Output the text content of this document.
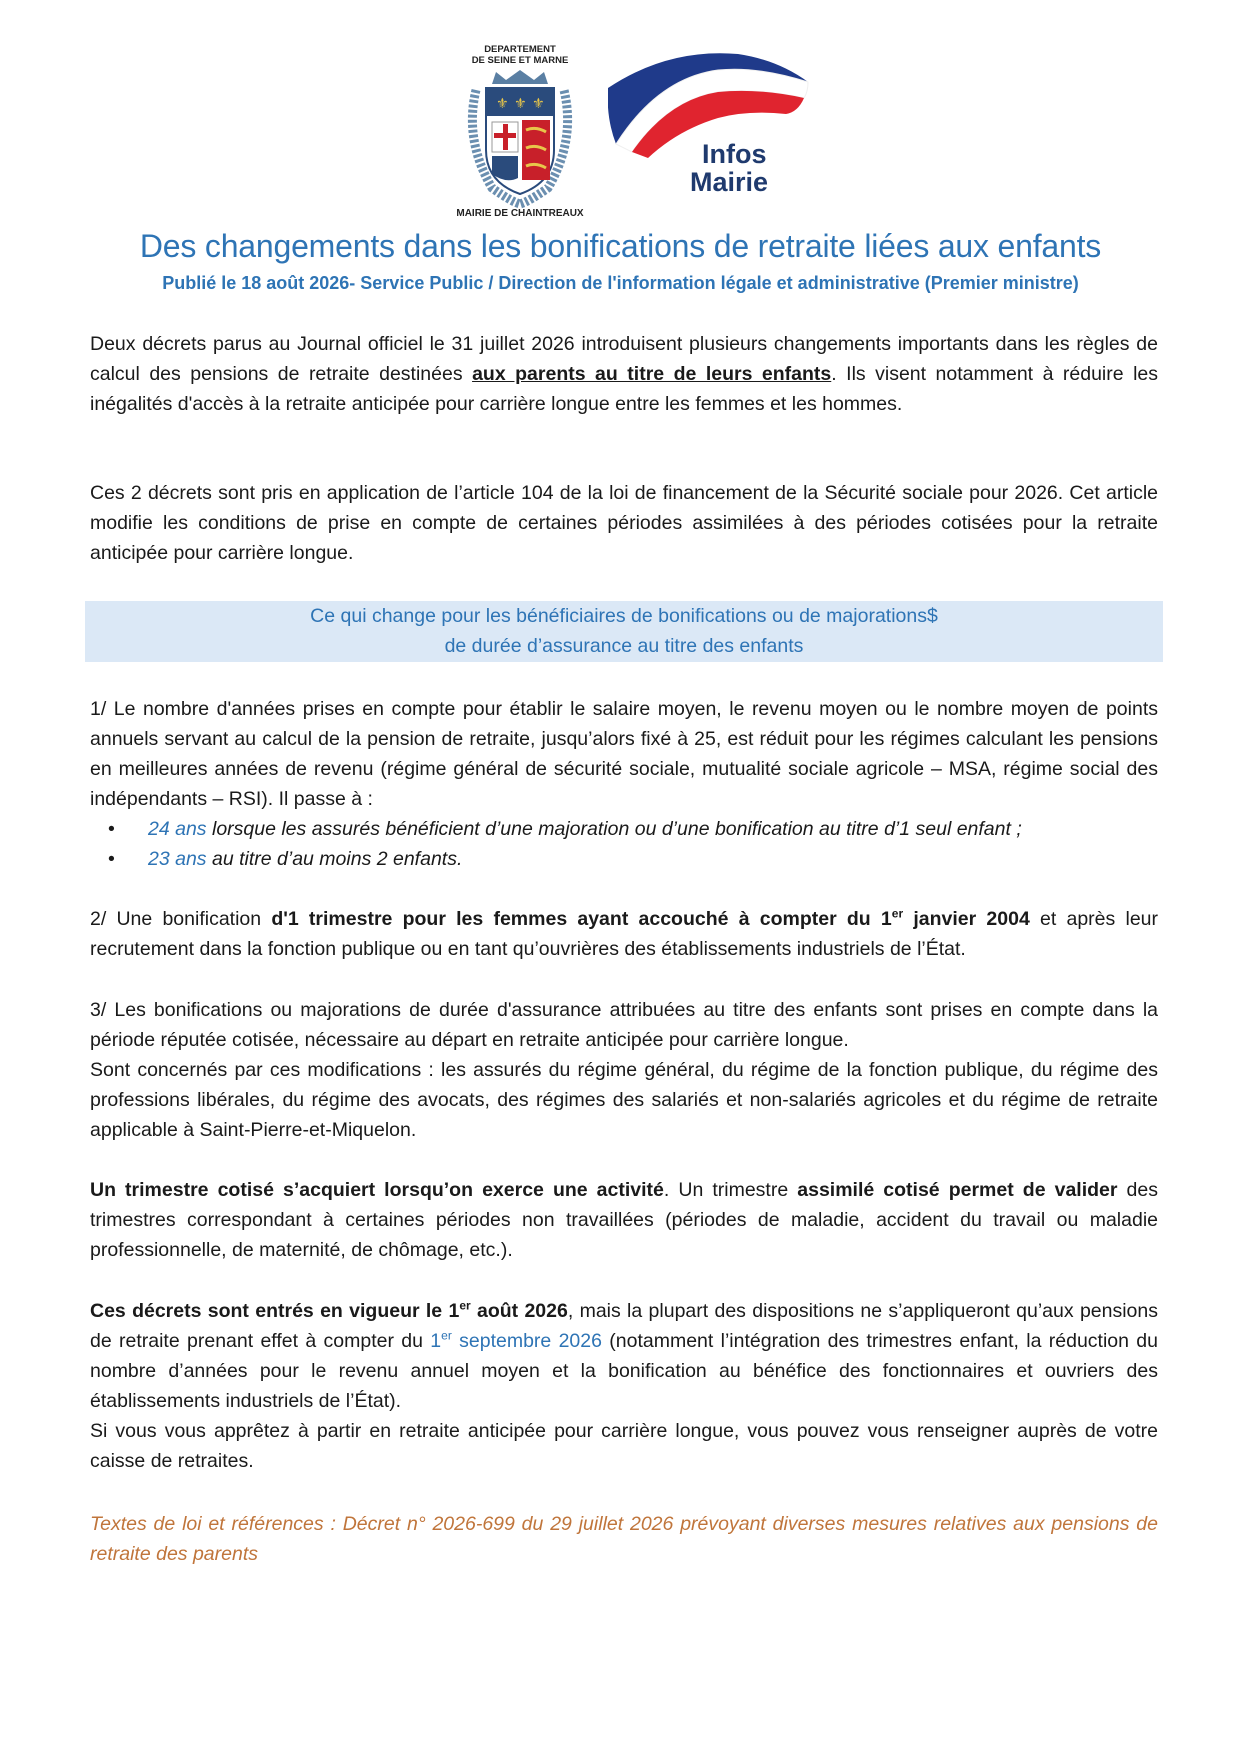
DEPARTEMENT
DE SEINE ET MARNE
⚜ ⚜ ⚜
MAIRIE DE CHAINTREAUX
Infos
Mairie
Des changements dans les bonifications de retraite liées aux enfants
Publié le 18 août 2026- Service Public / Direction de l'information légale et administrative (Premier ministre)

Deux décrets parus au Journal officiel le 31 juillet 2026 introduisent plusieurs changements importants dans les règles de calcul des pensions de retraite destinées aux parents au titre de leurs enfants. Ils visent notamment à réduire les inégalités d'accès à la retraite anticipée pour carrière longue entre les femmes et les hommes.

Ces 2 décrets sont pris en application de l’article 104 de la loi de financement de la Sécurité sociale pour 2026. Cet article modifie les conditions de prise en compte de certaines périodes assimilées à des périodes cotisées pour la retraite anticipée pour carrière longue.

Ce qui change pour les bénéficiaires de bonifications ou de majorations$
de durée d’assurance au titre des enfants

1/ Le nombre d'années prises en compte pour établir le salaire moyen, le revenu moyen ou le nombre moyen de points annuels servant au calcul de la pension de retraite, jusqu’alors fixé à 25, est réduit pour les régimes calculant les pensions en meilleures années de revenu (régime général de sécurité sociale, mutualité sociale agricole – MSA, régime social des indépendants – RSI). Il passe à :

• 24 ans lorsque les assurés bénéficient d’une majoration ou d’une bonification au titre d’1 seul enfant ;
• 23 ans au titre d’au moins 2 enfants.

2/ Une bonification d'1 trimestre pour les femmes ayant accouché à compter du 1er janvier 2004 et après leur recrutement dans la fonction publique ou en tant qu’ouvrières des établissements industriels de l’État.

3/ Les bonifications ou majorations de durée d'assurance attribuées au titre des enfants sont prises en compte dans la période réputée cotisée, nécessaire au départ en retraite anticipée pour carrière longue.

Sont concernés par ces modifications : les assurés du régime général, du régime de la fonction publique, du régime des professions libérales, du régime des avocats, des régimes des salariés et non-salariés agricoles et du régime de retraite applicable à Saint-Pierre-et-Miquelon.

Un trimestre cotisé s’acquiert lorsqu’on exerce une activité. Un trimestre assimilé cotisé permet de valider des trimestres correspondant à certaines périodes non travaillées (périodes de maladie, accident du travail ou maladie professionnelle, de maternité, de chômage, etc.).

Ces décrets sont entrés en vigueur le 1er août 2026, mais la plupart des dispositions ne s’appliqueront qu’aux pensions de retraite prenant effet à compter du 1er septembre 2026 (notamment l’intégration des trimestres enfant, la réduction du nombre d’années pour le revenu annuel moyen et la bonification au bénéfice des fonctionnaires et ouvriers des établissements industriels de l’État).

Si vous vous apprêtez à partir en retraite anticipée pour carrière longue, vous pouvez vous renseigner auprès de votre caisse de retraites.

Textes de loi et références : Décret n° 2026-699 du 29 juillet 2026 prévoyant diverses mesures relatives aux pensions de retraite des parents
